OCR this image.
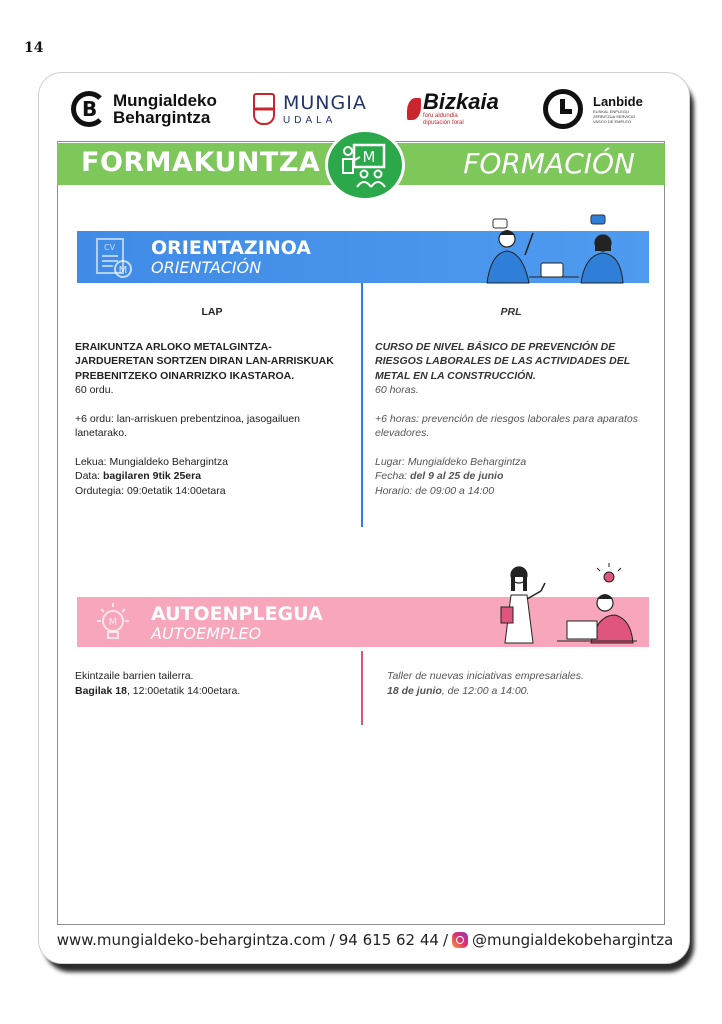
14
B
Mungialdeko
Behargintza
MUNGIA
UDALA
Bizkaia
foru aldundia diputación foral
Lanbide
EUSKAL ENPLEGU ZERBITZUA SERVICIO VASCO DE EMPLEO
FORMAKUNTZA	FORMACIÓN
M
CV
M
ORIENTAZINOA
ORIENTACIÓN
LAP

ERAIKUNTZA ARLOKO METALGINTZA-JARDUERETAN SORTZEN DIRAN LAN-ARRISKUAK PREBENITZEKO OINARRIZKO IKASTAROA.

60 ordu.

+6 ordu: lan-arriskuen prebentzinoa, jasogailuen lanetarako.

Lekua: Mungialdeko Behargintza

Data: bagilaren 9tik 25era

Ordutegia: 09:0etatik 14:00etara

PRL

CURSO DE NIVEL BÁSICO DE PREVENCIÓN DE RIESGOS LABORALES DE LAS ACTIVIDADES DEL METAL EN LA CONSTRUCCIÓN.

60 horas.

+6 horas: prevención de riesgos laborales para aparatos elevadores.

Lugar: Mungialdeko Behargintza

Fecha: del 9 al 25 de junio

Horario: de 09:00 a 14:00

M AUTOENPLEGUA
AUTOEMPLEO

Ekintzaile barrien tailerra.

Bagilak 18, 12:00etatik 14:00etara.

Taller de nuevas iniciativas empresariales.

18 de junio, de 12:00 a 14:00.

www.mungialdeko-behargintza.com / 94 615 62 44 / @mungialdekobehargintza
